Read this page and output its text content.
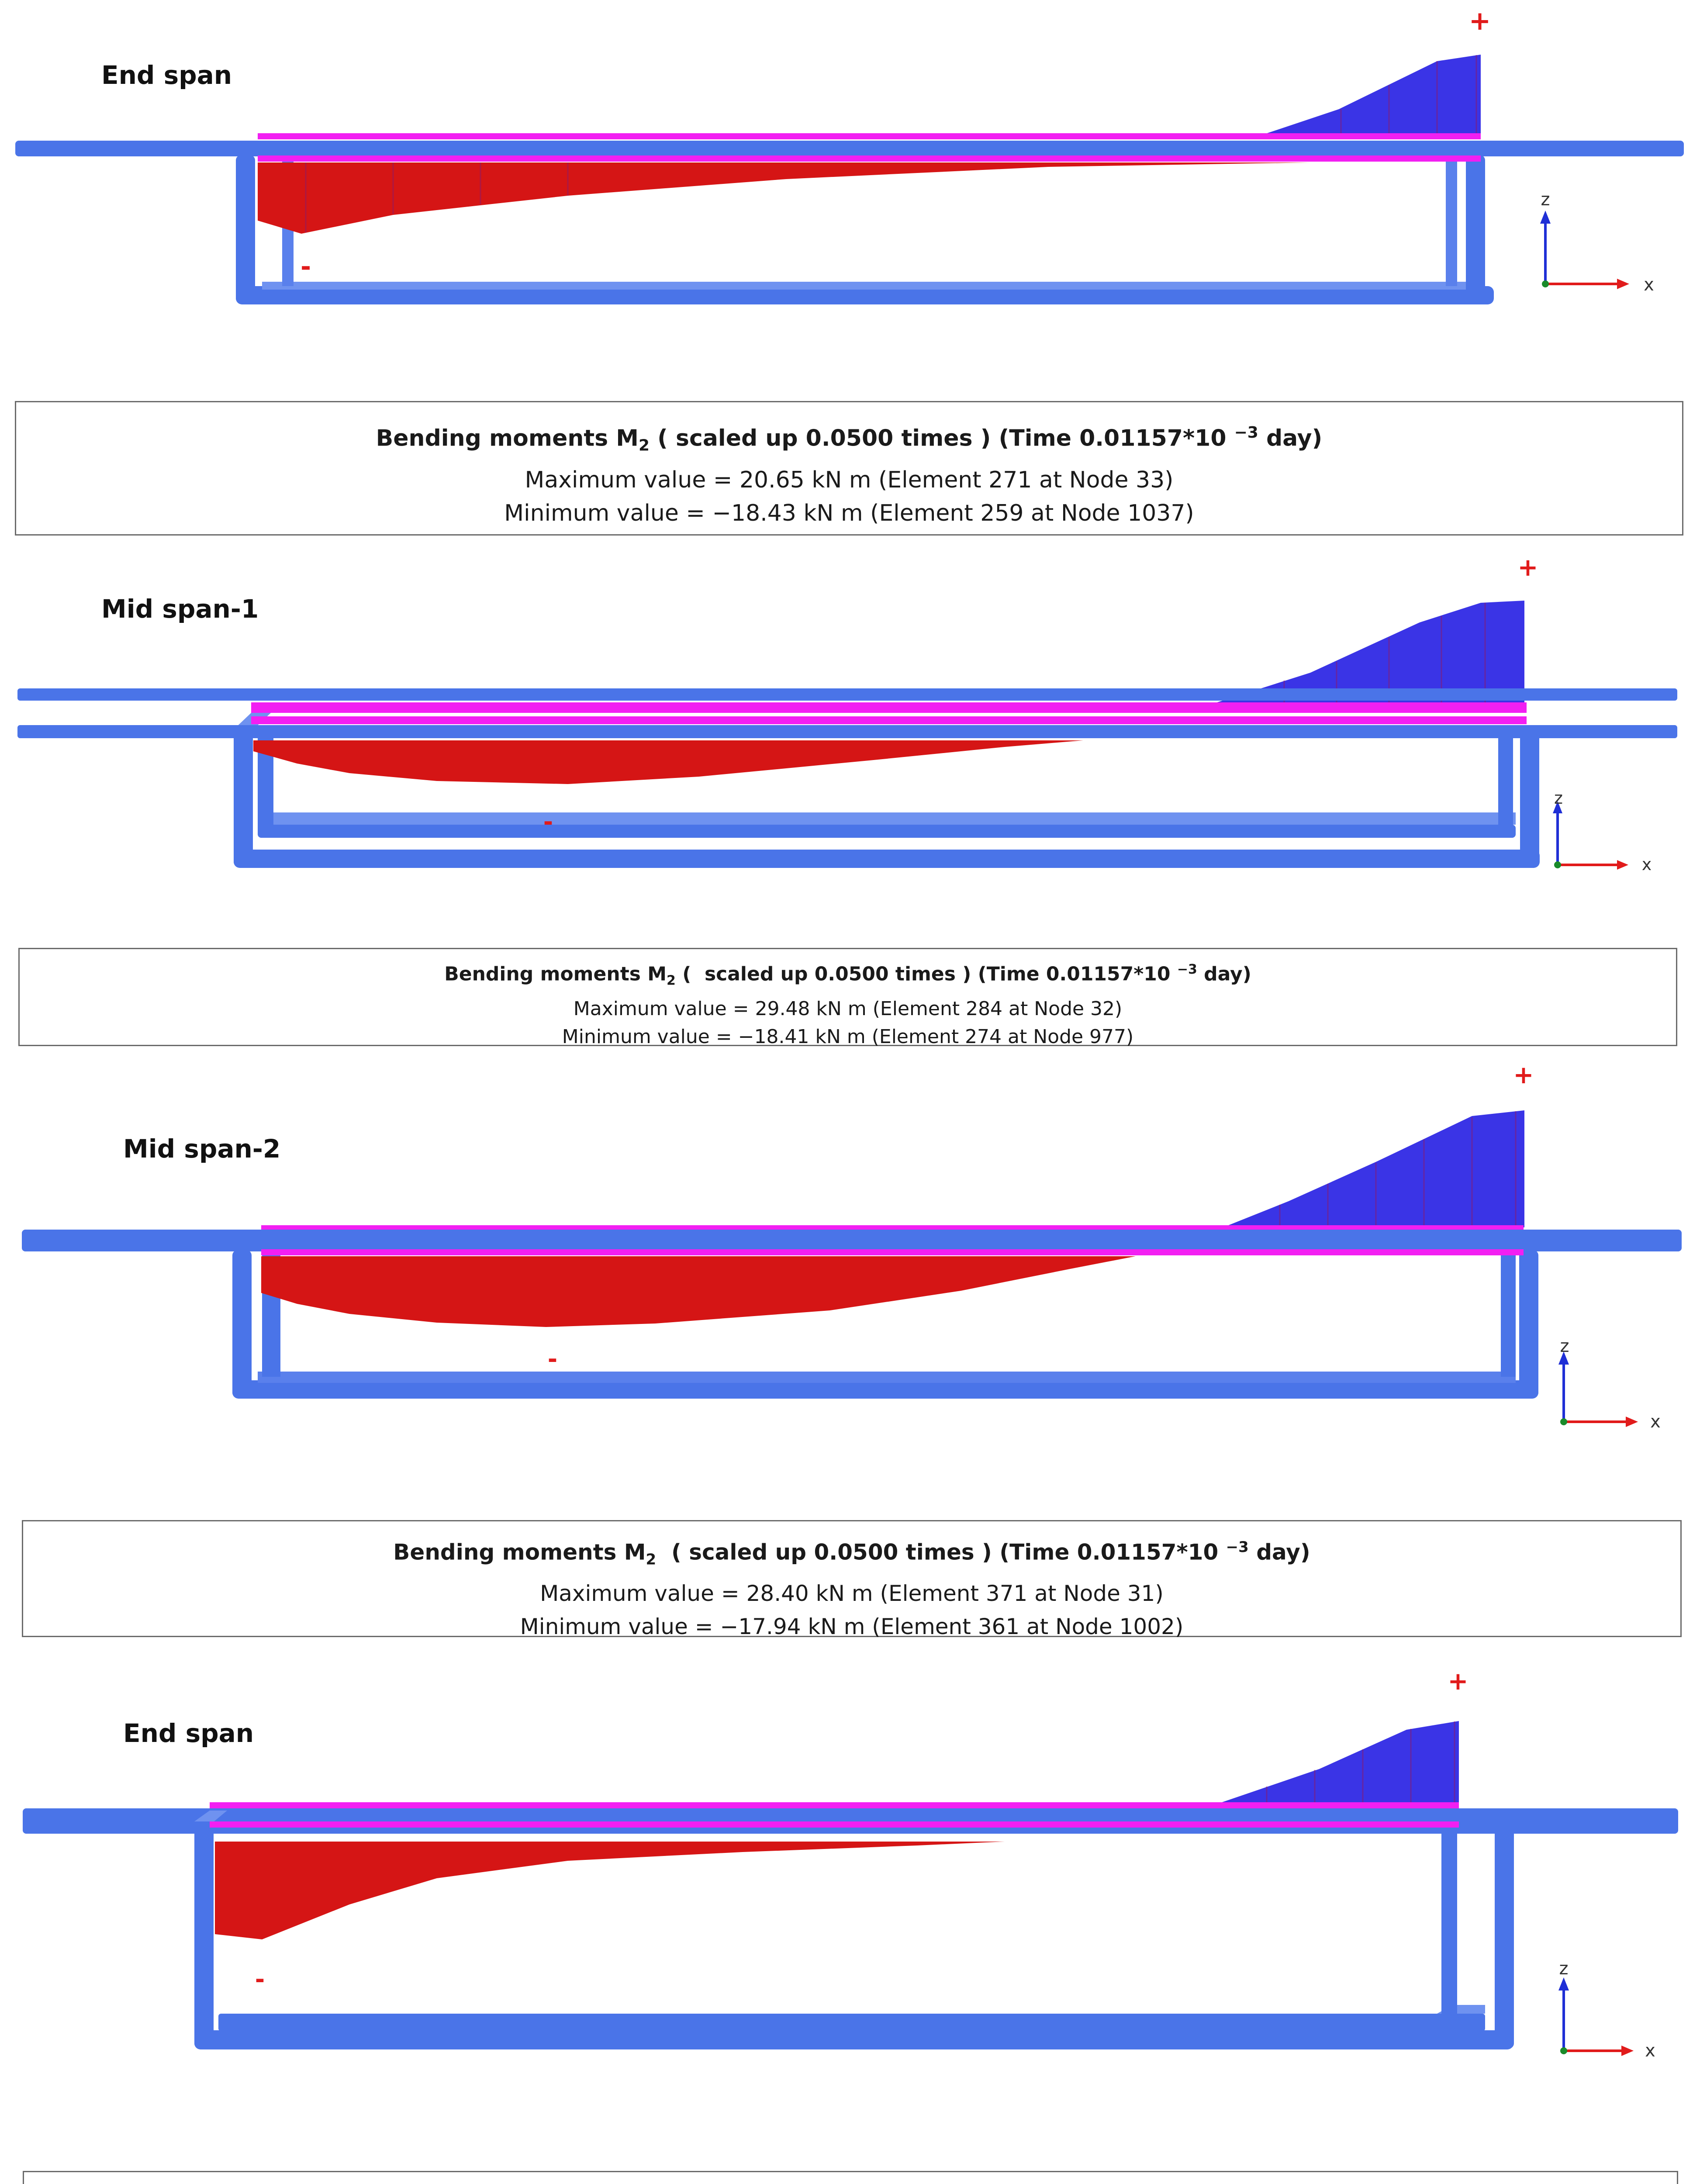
End span
+
-
z
x
Bending moments $M_2$ ( scaled up 0.0500 times ) (Time 0.01157*10 $^{-3}$ day)
Maximum value = 20.65 kN m (Element 271 at Node 33)
Minimum value = −18.43 kN m (Element 259 at Node 1037)
Mid span-1
+
-
z
x
Bending moments $M_2$ (  scaled up 0.0500 times ) (Time 0.01157*10 $^{-3}$ day)
Maximum value = 29.48 kN m (Element 284 at Node 32)
Minimum value = −18.41 kN m (Element 274 at Node 977)
Mid span-2
+
-	z
x
Bending moments $M_2$  ( scaled up 0.0500 times ) (Time 0.01157*10 $^{-3}$ day)
Maximum value = 28.40 kN m (Element 371 at Node 31)
Minimum value = −17.94 kN m (Element 361 at Node 1002)
End span
+
-	z
x
